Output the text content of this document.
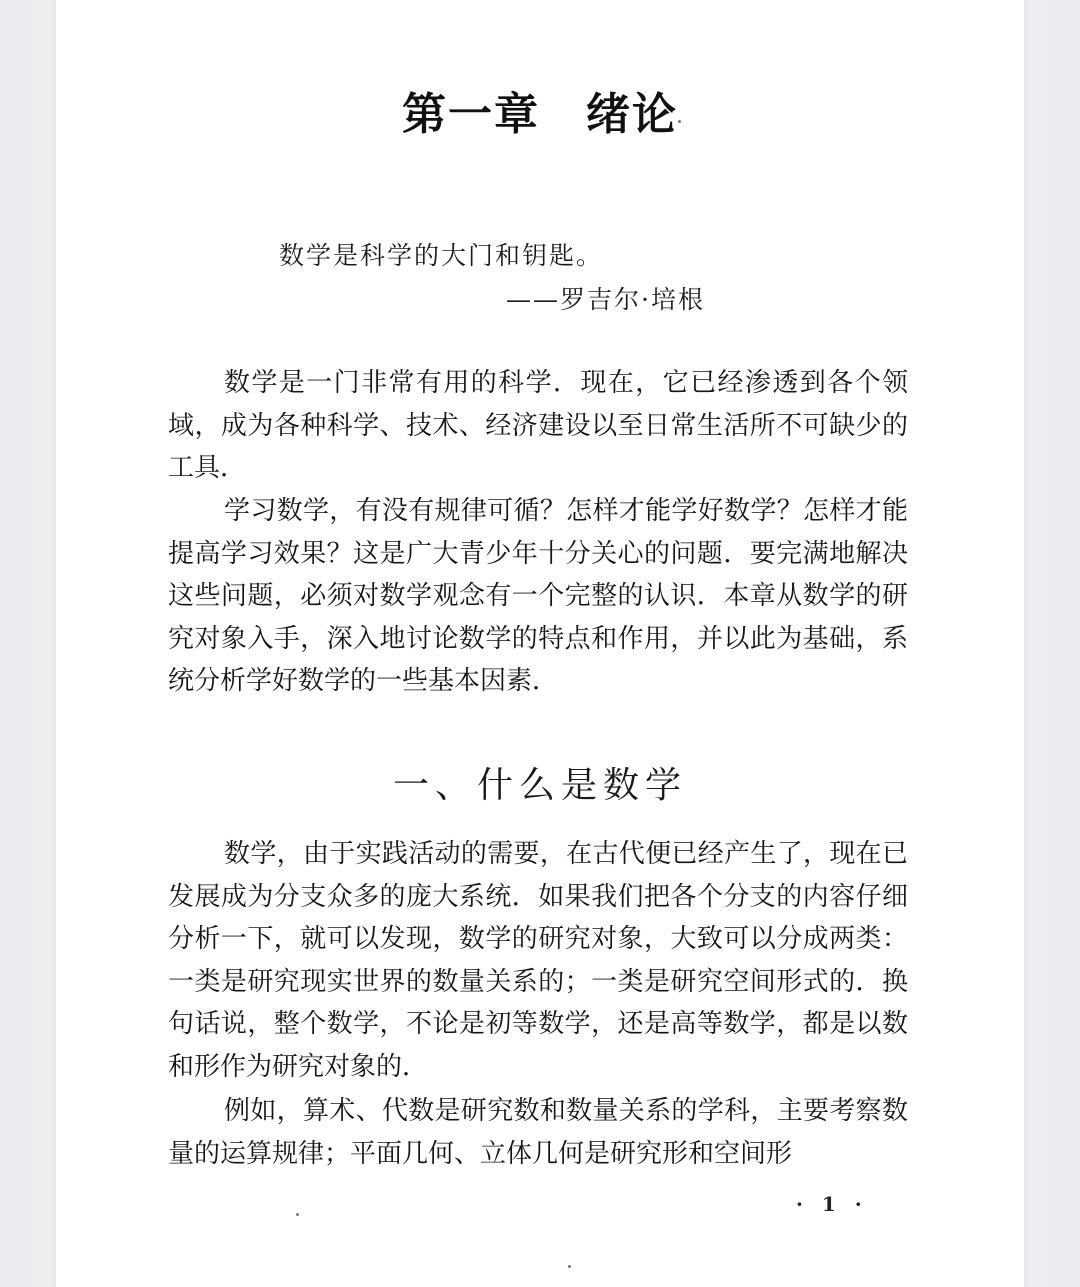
第一章　绪论
数学是科学的大门和钥匙。
——罗吉尔·培根

数学是一门非常有用的科学．现在，它已经渗透到各个领域，成为各种科学、技术、经济建设以至日常生活所不可缺少的工具．

学习数学，有没有规律可循？怎样才能学好数学？怎样才能提高学习效果？这是广大青少年十分关心的问题．要完满地解决这些问题，必须对数学观念有一个完整的认识．本章从数学的研究对象入手，深入地讨论数学的特点和作用，并以此为基础，系统分析学好数学的一些基本因素．

一、什么是数学

数学，由于实践活动的需要，在古代便已经产生了，现在已发展成为分支众多的庞大系统．如果我们把各个分支的内容仔细分析一下，就可以发现，数学的研究对象，大致可以分成两类：一类是研究现实世界的数量关系的；一类是研究空间形式的．换句话说，整个数学，不论是初等数学，还是高等数学，都是以数和形作为研究对象的．

例如，算术、代数是研究数和数量关系的学科，主要考察数量的运算规律；平面几何、立体几何是研究形和空间形

· 1 ·
